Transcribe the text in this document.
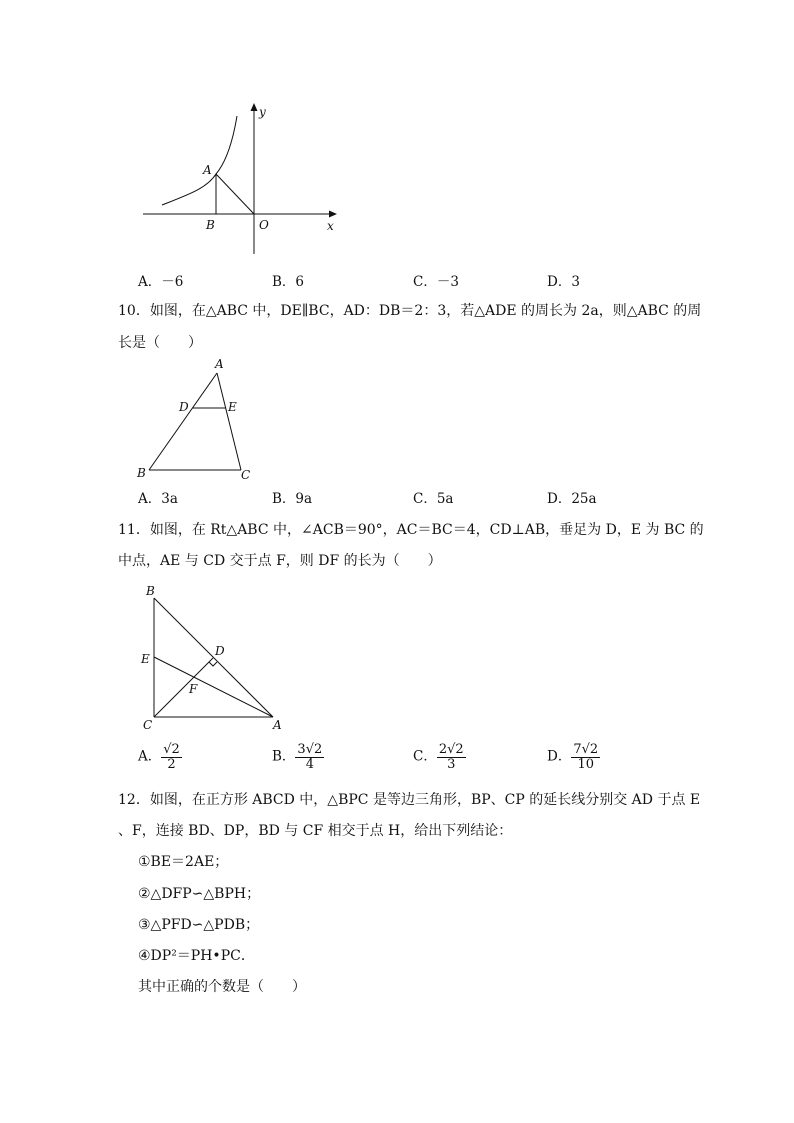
y
x
A
B	O
A．－6	B．6	C．－3	D．3
10．如图，在△ABC 中，DE∥BC，AD：DB＝2：3，若△ADE 的周长为 2a，则△ABC 的周
长是（　　）
A
D	E
B	C
A．3a	B．9a	C．5a	D．25a
11．如图，在 Rt△ABC 中，∠ACB＝90°，AC＝BC＝4，CD⊥AB，垂足为 D，E 为 BC 的
中点，AE 与 CD 交于点 F，则 DF 的长为（　　）
B
D
E
F
C	A
A． $\frac{√2}{2}$	B． $\frac{3√2}{4}$	C． $\frac{2√2}{3}$	D． $\frac{7√2}{10}$
12．如图，在正方形 ABCD 中，△BPC 是等边三角形，BP、CP 的延长线分别交 AD 于点 E
、F，连接 BD、DP，BD 与 CF 相交于点 H，给出下列结论：
①BE＝2AE；
②△DFP∽△BPH；
③△PFD∽△PDB；
④DP²＝PH•PC．
其中正确的个数是（　　）
